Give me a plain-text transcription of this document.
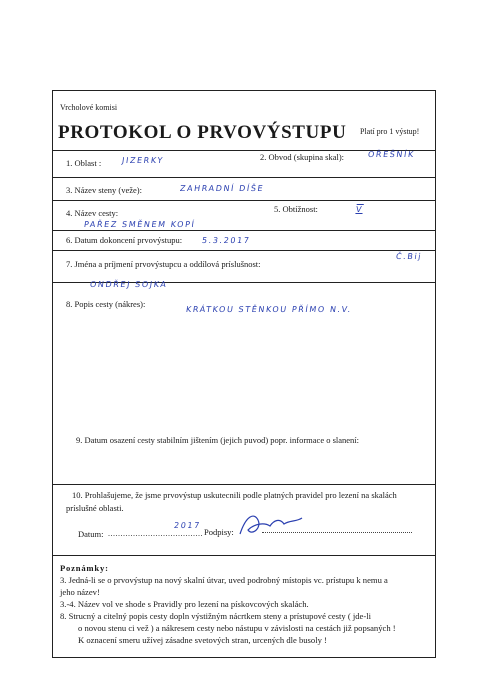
Vrcholové komisi
PROTOKOL O PRVOVÝSTUPU Platí pro 1 výstup!
1. Oblast :	JIZERKY	2. Obvod (skupina skal):	OŘEŠNÍK
3. Název steny (veže):	ZAHRADNÍ DÍŠE
4. Název cesty:
PAŘEZ SMĚNEM KOPÍ
5. Obtížnost:	V
6. Datum dokoncení prvovýstupu: 5.3.2017
7. Jména a príjmení prvovýstupcu a oddílová príslušnost:
ONDŘEJ SOJKA
Č.Bij
8. Popis cesty (nákres):
KRÁTKOU STĚNKOU PŘÍMO N.V.
9. Datum osazení cesty stabilním jištením (jejich puvod) popr. informace o slanení:
10. Prohlašujeme, že jsme prvovýstup uskutecnili podle platných pravidel pro lezení na skalách
príslušné oblasti.
Datum: ......................................
2017
Podpisy:
Poznámky:
3. Jedná-li se o prvovýstup na nový skalní útvar, uved podrobný místopis vc. prístupu k nemu a
jeho název!
3.-4. Název vol ve shode s Pravidly pro lezení na pískovcových skalách.
8. Strucný a citelný popis cesty dopln výstižným nácrtkem steny a prístupové cesty ( jde-li
o novou stenu ci vež ) a nákresem cesty nebo nástupu v závislosti na cestách již popsaných !
K oznacení smeru užívej zásadne svetových stran, urcených dle busoly !
